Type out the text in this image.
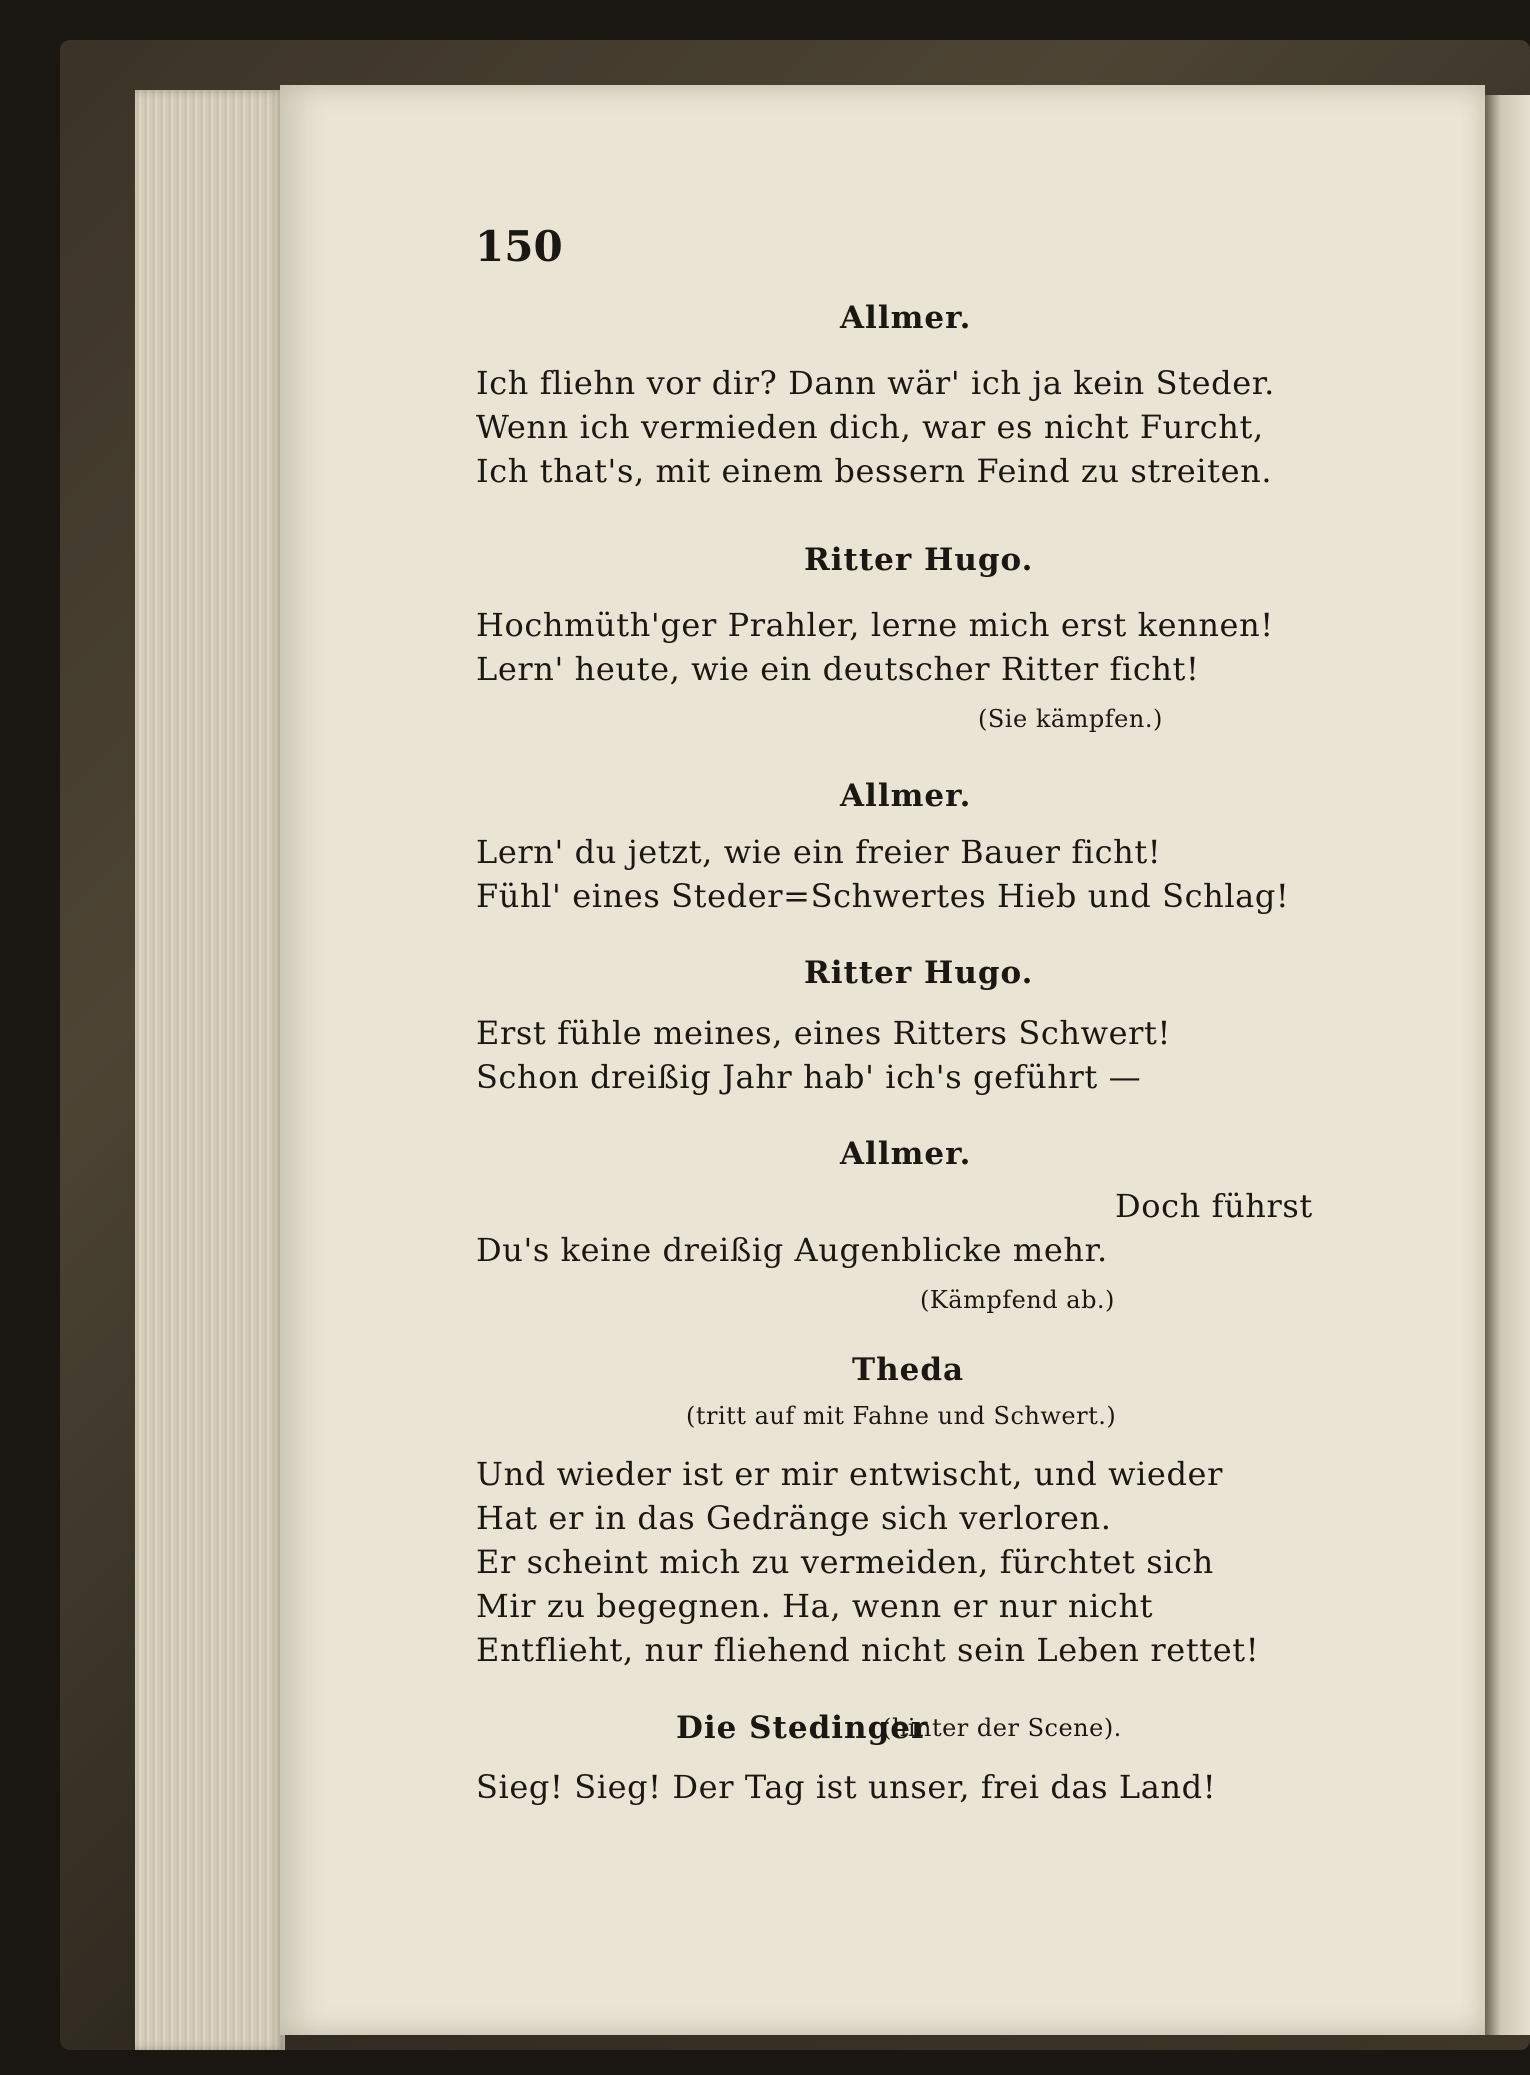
150
Allmer.
Ich fliehn vor dir? Dann wär' ich ja kein Steder.
Wenn ich vermieden dich, war es nicht Furcht,
Ich that's, mit einem bessern Feind zu streiten.
Ritter Hugo.
Hochmüth'ger Prahler, lerne mich erst kennen!
Lern' heute, wie ein deutscher Ritter ficht!
(Sie kämpfen.)
Allmer.
Lern' du jetzt, wie ein freier Bauer ficht!
Fühl' eines Steder=Schwertes Hieb und Schlag!
Ritter Hugo.
Erst fühle meines, eines Ritters Schwert!
Schon dreißig Jahr hab' ich's geführt —
Allmer.
Doch führst
Du's keine dreißig Augenblicke mehr.
(Kämpfend ab.)
Theda
(tritt auf mit Fahne und Schwert.)
Und wieder ist er mir entwischt, und wieder
Hat er in das Gedränge sich verloren.
Er scheint mich zu vermeiden, fürchtet sich
Mir zu begegnen. Ha, wenn er nur nicht
Entflieht, nur fliehend nicht sein Leben rettet!
Die Stedinger
(hinter der Scene).
Sieg! Sieg! Der Tag ist unser, frei das Land!
